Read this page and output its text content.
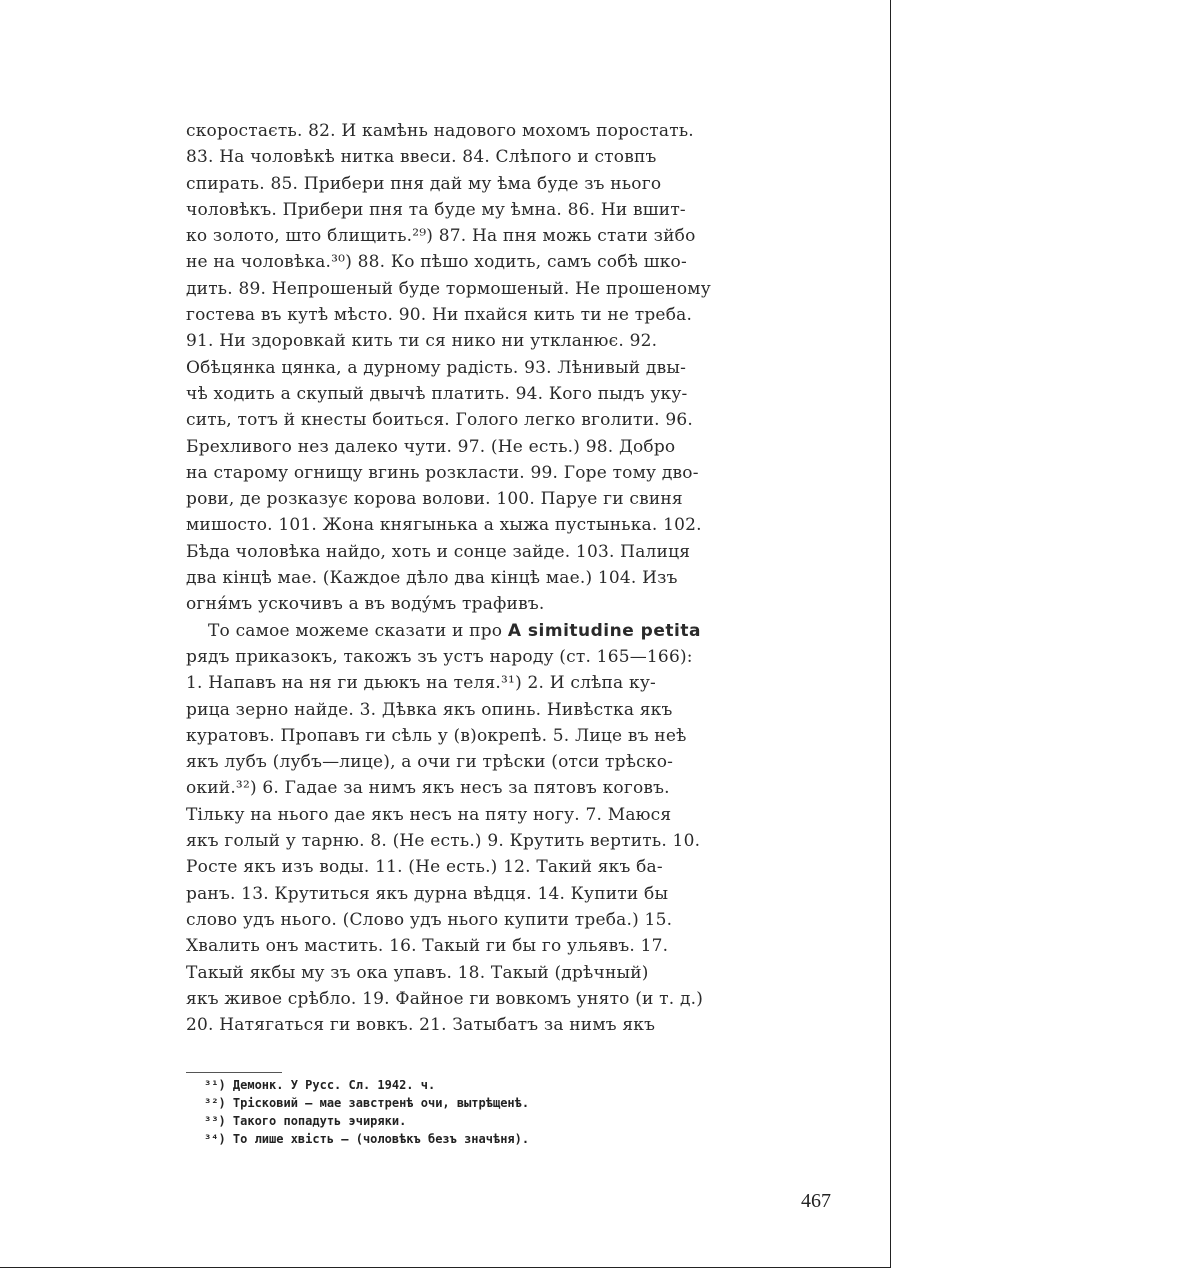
скоростаєть. 82. И камѣнь надового мохомъ поростать.
83. На чоловѣкѣ нитка ввеси. 84. Слѣпого и стовпъ
спирать. 85. Прибери пня дай му ѣма буде зъ нього
чоловѣкъ. Прибери пня та буде му ѣмна. 86. Ни вшит-
ко золото, што блищить.²⁹) 87. На пня можь стати зйбо
не на чоловѣка.³⁰) 88. Ко пѣшо ходить, самъ собѣ шко-
дить. 89. Непрошеный буде тормошеный. Не прошеному
гостева въ кутѣ мѣсто. 90. Ни пхайся кить ти не треба.
91. Ни здоровкай кить ти ся нико ни уткланює. 92.
Обѣцянка цянка, а дурному радість. 93. Лѣнивый двы-
чѣ ходить а скупый двычѣ платить. 94. Кого пыдъ уку-
сить, тотъ й кнесты боиться. Голого легко вголити. 96.
Брехливого нез далеко чути. 97. (Не есть.) 98. Добро
на старому огнищу вгинь розкласти. 99. Горе тому дво-
рови, де розказує корова волови. 100. Паруе ги свиня
мишосто. 101. Жона княгынька а хыжа пустынька. 102.
Бѣда чоловѣка найдо, хоть и сонце зайде. 103. Палиця
два кінцѣ мае. (Каждое дѣло два кінцѣ мае.) 104. Изъ
огня́мъ ускочивъ а въ воду́мъ трафивъ.

То самое можеме сказати и про A simitudine petita

рядъ приказокъ, такожъ зъ устъ народу (ст. 165—166):
1. Напавъ на ня ги дьюкъ на теля.³¹) 2. И слѣпа ку-
рица зерно найде. 3. Дѣвка якъ опинь. Нивѣстка якъ
куратовъ. Пропавъ ги сѣль у (в)окрепѣ. 5. Лице въ неѣ
якъ лубъ (лубъ—лице), а очи ги трѣски (отси трѣско-
окий.³²) 6. Гадае за нимъ якъ несъ за пятовъ коговъ.
Тільку на нього дае якъ несъ на пяту ногу. 7. Маюся
якъ голый у тарню. 8. (Не есть.) 9. Крутить вертить. 10.
Росте якъ изъ воды. 11. (Не есть.) 12. Такий якъ ба-
ранъ. 13. Крутиться якъ дурна вѣдця. 14. Купити бы
слово удъ нього. (Слово удъ нього купити треба.) 15.
Хвалить онъ мастить. 16. Такый ги бы го ульявъ. 17.
Такый якбы му зъ ока упавъ. 18. Такый (дрѣчный)
якъ живое срѣбло. 19. Файное ги вовкомъ унято (и т. д.)
20. Натягаться ги вовкъ. 21. Затыбатъ за нимъ якъ
³¹) Демонк. У Русс. Сл. 1942. ч.
³²) Трісковий — мае завстренѣ очи, вытрѣщенѣ.
³³) Такого попадуть эчиряки.
³⁴) То лише хвість — (чоловѣкъ безъ значѣня).
467
